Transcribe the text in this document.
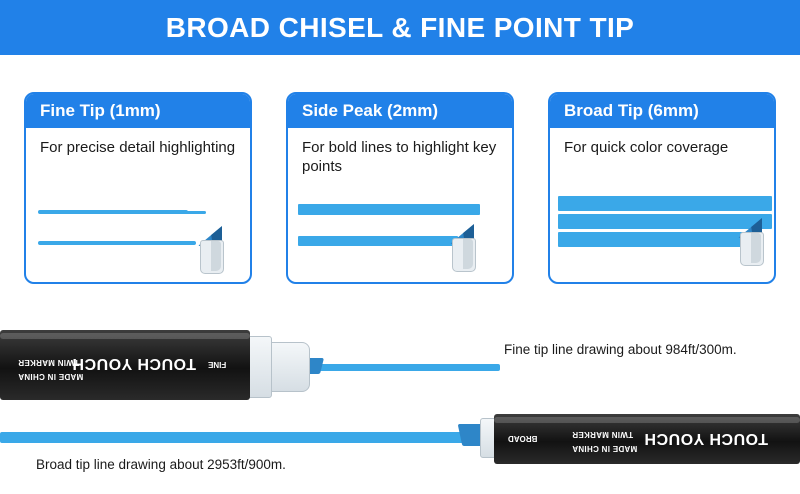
BROAD CHISEL & FINE POINT TIP
Fine Tip (1mm)
For precise detail highlighting
Side Peak (2mm)
For bold lines to highlight key points
Broad Tip (6mm)
For quick color coverage
TOUCH YOUCH
TWIN MARKER
MADE IN CHINA
FINE
Fine tip line drawing about 984ft/300m.
BROAD	TOUCH YOUCH
TWIN MARKER
MADE IN CHINA
Broad tip line drawing about 2953ft/900m.
